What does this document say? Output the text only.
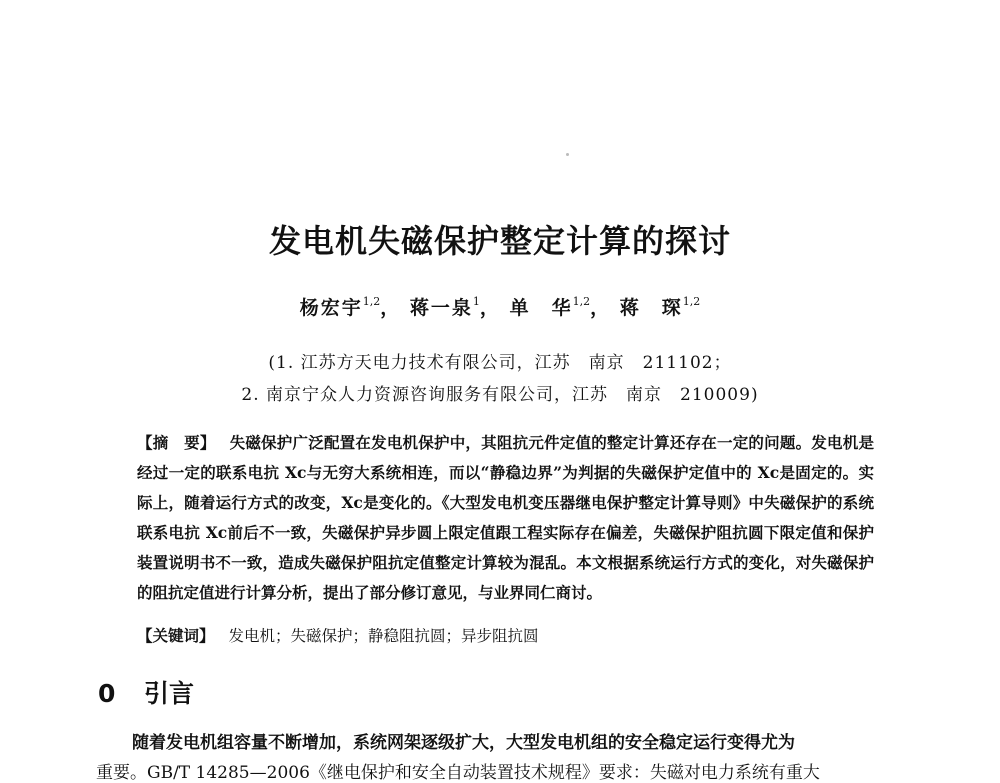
发电机失磁保护整定计算的探讨
杨宏宇$^{1,2}$， 蒋一泉$^1$， 单　华$^{1,2}$， 蒋　琛$^{1,2}$
(1. 江苏方天电力技术有限公司，江苏　南京　211102；
2. 南京宁众人力资源咨询服务有限公司，江苏　南京　210009)
【摘　要】 失磁保护广泛配置在发电机保护中，其阻抗元件定值的整定计算还存在一定的问题。发电机是经过一定的联系电抗 Xc与无穷大系统相连，而以“静稳边界”为判据的失磁保护定值中的 Xc是固定的。实际上，随着运行方式的改变，Xc是变化的。《大型发电机变压器继电保护整定计算导则》中失磁保护的系统联系电抗 Xc前后不一致，失磁保护异步圆上限定值跟工程实际存在偏差，失磁保护阻抗圆下限定值和保护装置说明书不一致，造成失磁保护阻抗定值整定计算较为混乱。本文根据系统运行方式的变化，对失磁保护的阻抗定值进行计算分析，提出了部分修订意见，与业界同仁商讨。
【关键词】 发电机；失磁保护；静稳阻抗圆；异步阻抗圆
0 引言
随着发电机组容量不断增加，系统网架逐级扩大，大型发电机组的安全稳定运行变得尤为
重要。GB/T 14285—2006《继电保护和安全自动装置技术规程》要求：失磁对电力系统有重大
